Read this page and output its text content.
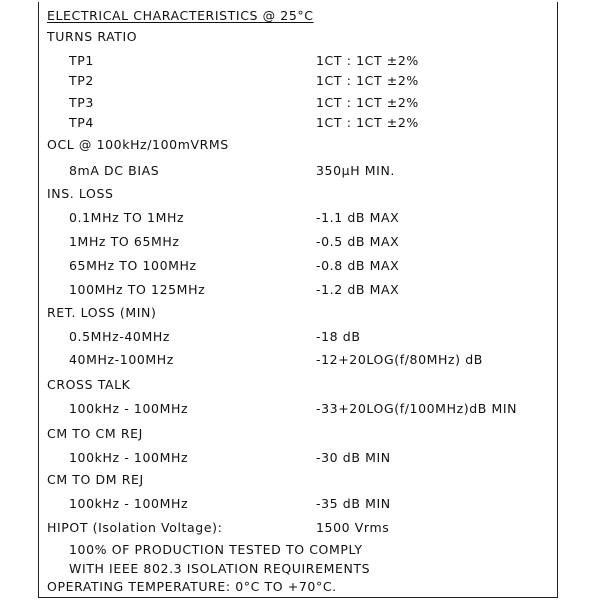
ELECTRICAL CHARACTERISTICS @ 25°C
TURNS RATIO
TP1	1CT : 1CT ±2%
TP2	1CT : 1CT ±2%
TP3	1CT : 1CT ±2%
TP4	1CT : 1CT ±2%
OCL @ 100kHz/100mVRMS
8mA DC BIAS	350µH MIN.
INS. LOSS
0.1MHz TO 1MHz	-1.1 dB MAX
1MHz TO 65MHz	-0.5 dB MAX
65MHz TO 100MHz	-0.8 dB MAX
100MHz TO 125MHz	-1.2 dB MAX
RET. LOSS (MIN)
0.5MHz-40MHz	-18 dB
40MHz-100MHz	-12+20LOG(f/80MHz) dB
CROSS TALK
100kHz - 100MHz	-33+20LOG(f/100MHz)dB MIN
CM TO CM REJ
100kHz - 100MHz	-30 dB MIN
CM TO DM REJ
100kHz - 100MHz	-35 dB MIN
HIPOT (Isolation Voltage):	1500 Vrms
100% OF PRODUCTION TESTED TO COMPLY
WITH IEEE 802.3 ISOLATION REQUIREMENTS
OPERATING TEMPERATURE: 0°C TO +70°C.
